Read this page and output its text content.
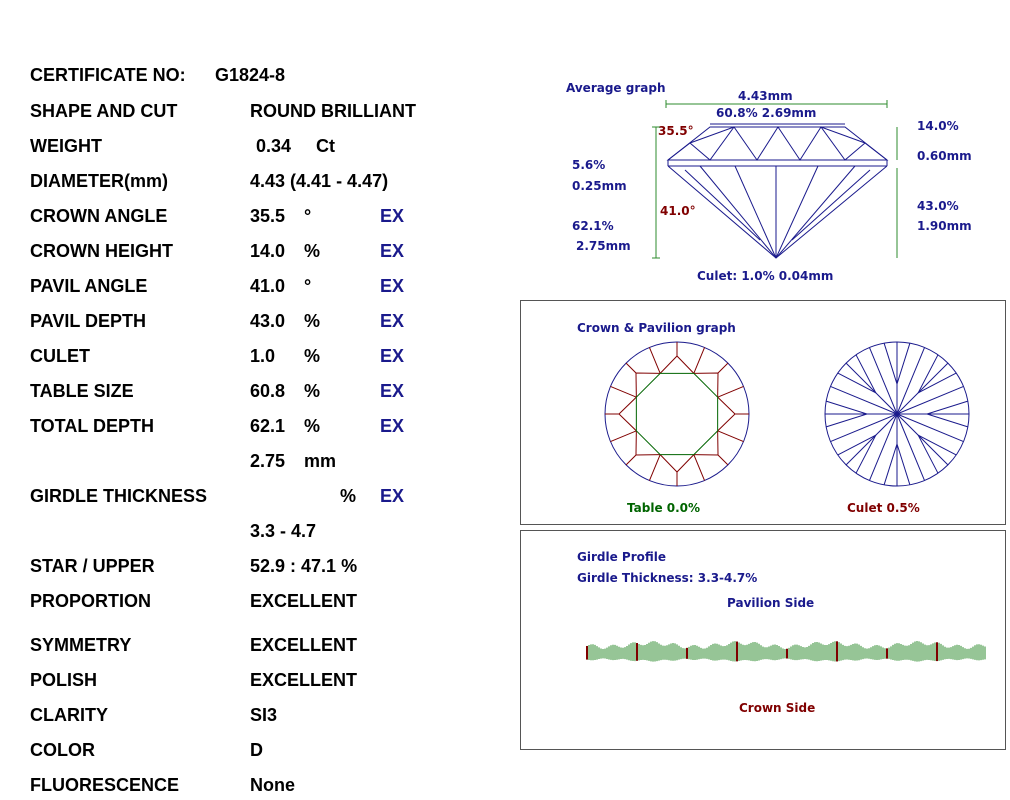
CERTIFICATE NO: G1824-8
SHAPE AND CUT	ROUND BRILLIANT
WEIGHT	0.34 Ct
DIAMETER(mm)	4.43 (4.41 - 4.47)
CROWN ANGLE	35.5 °	EX
CROWN HEIGHT	14.0 %	EX
PAVIL ANGLE	41.0 °	EX
PAVIL DEPTH	43.0 %	EX
CULET	1.0 %	EX
TABLE SIZE	60.8 %	EX
TOTAL DEPTH	62.1 %	EX
2.75 mm
GIRDLE THICKNESS	% EX
3.3 - 4.7
STAR / UPPER	52.9 : 47.1 %
PROPORTION	EXCELLENT
SYMMETRY	EXCELLENT
POLISH	EXCELLENT
CLARITY	SI3
COLOR	D
FLUORESCENCE	None
Average graph
4.43mm
60.8% 2.69mm
35.5°	14.0%
0.60mm
5.6%
0.25mm
41.0°	43.0%
1.90mm
62.1%
2.75mm
Culet: 1.0% 0.04mm
Crown & Pavilion graph
Table 0.0%	Culet 0.5%
Girdle Profile
Girdle Thickness: 3.3-4.7%
Pavilion Side
Crown Side
